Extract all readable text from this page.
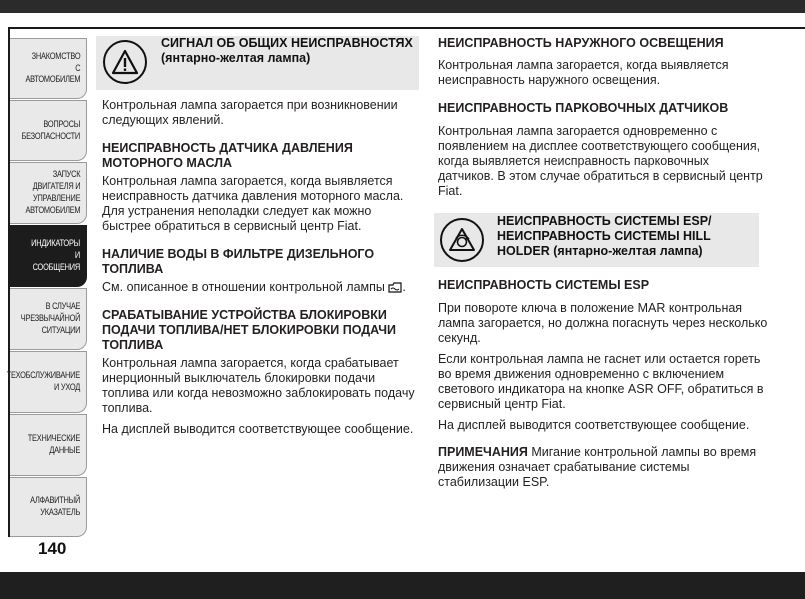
ЗНАКОМСТВО С
АВТОМОБИЛЕМ
ВОПРОСЫ
БЕЗОПАСНОСТИ
ЗАПУСК ДВИГАТЕЛЯ И
УПРАВЛЕНИЕ
АВТОМОБИЛЕМ
ИНДИКАТОРЫ И
СООБЩЕНИЯ
В СЛУЧАЕ
ЧРЕЗВЫЧАЙНОЙ
СИТУАЦИИ
ТЕХОБСЛУЖИВАНИЕ
И УХОД
ТЕХНИЧЕСКИЕ
ДАННЫЕ
АЛФАВИТНЫЙ
УКАЗАТЕЛЬ
140
СИГНАЛ ОБ ОБЩИХ НЕИСПРАВНОСТЯХ (янтарно-желтая лампа)

Контрольная лампа загорается при возникновении следующих явлений.

НЕИСПРАВНОСТЬ ДАТЧИКА ДАВЛЕНИЯ МОТОРНОГО МАСЛА

Контрольная лампа загорается, когда выявляется неисправность датчика давления моторного масла. Для устранения неполадки следует как можно быстрее обратиться в сервисный центр Fiat.

НАЛИЧИЕ ВОДЫ В ФИЛЬТРЕ ДИЗЕЛЬНОГО ТОПЛИВА

См. описанное в отношении контрольной лампы .

СРАБАТЫВАНИЕ УСТРОЙСТВА БЛОКИРОВКИ ПОДАЧИ ТОПЛИВА/НЕТ БЛОКИРОВКИ ПОДАЧИ ТОПЛИВА

Контрольная лампа загорается, когда срабатывает инерционный выключатель блокировки подачи топлива или когда невозможно заблокировать подачу топлива.

На дисплей выводится соответствующее сообщение.

НЕИСПРАВНОСТЬ НАРУЖНОГО ОСВЕЩЕНИЯ

Контрольная лампа загорается, когда выявляется неисправность наружного освещения.

НЕИСПРАВНОСТЬ ПАРКОВОЧНЫХ ДАТЧИКОВ

Контрольная лампа загорается одновременно с появлением на дисплее соответствующего сообщения, когда выявляется неисправность парковочных датчиков. В этом случае обратиться в сервисный центр Fiat.

НЕИСПРАВНОСТЬ СИСТЕМЫ ESP/НЕИСПРАВНОСТЬ СИСТЕМЫ HILL HOLDER (янтарно-желтая лампа)
НЕИСПРАВНОСТЬ СИСТЕМЫ ESP

При повороте ключа в положение MAR контрольная лампа загорается, но должна погаснуть через несколько секунд.

Если контрольная лампа не гаснет или остается гореть во время движения одновременно с включением светового индикатора на кнопке ASR OFF, обратиться в сервисный центр Fiat.

На дисплей выводится соответствующее сообщение.

ПРИМЕЧАНИЯ Мигание контрольной лампы во время движения означает срабатывание системы стабилизации ESP.
